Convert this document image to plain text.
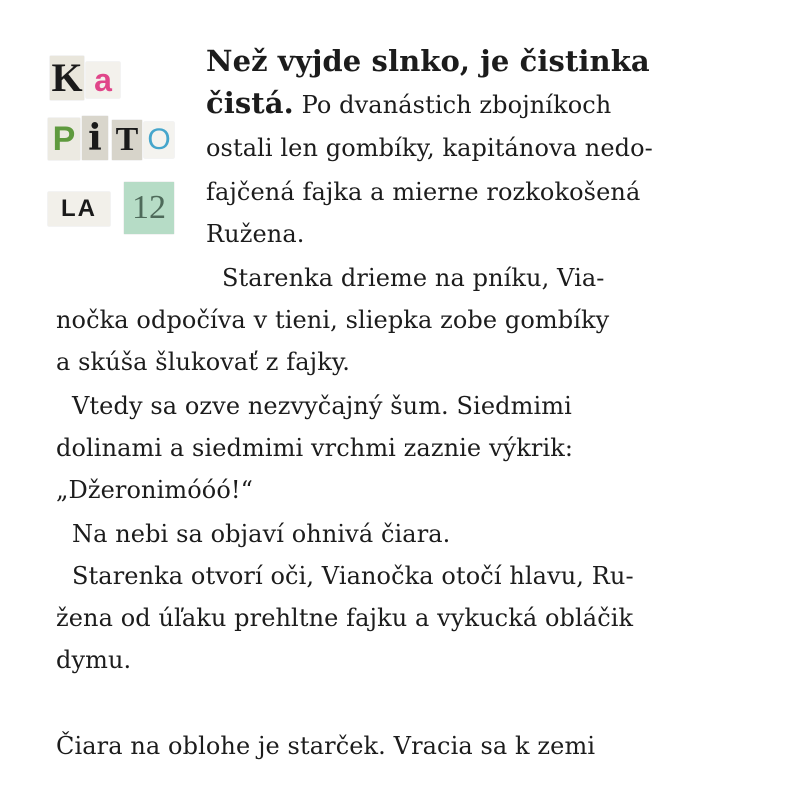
K a
P i T O
LA	12
Než vyjde slnko, je čistinka
čistá. Po dvanástich zbojníkoch
ostali len gombíky, kapitánova nedo-
fajčená fajka a mierne rozkokošená
Ružena.
Starenka drieme na pníku, Via-
nočka odpočíva v tieni, sliepka zobe gombíky
a skúša šlukovať z fajky.
Vtedy sa ozve nezvyčajný šum. Siedmimi
dolinami a siedmimi vrchmi zaznie výkrik:
„Džeronimóóó!“
Na nebi sa objaví ohnivá čiara.
Starenka otvorí oči, Vianočka otočí hlavu, Ru-
žena od úľaku prehltne fajku a vykucká obláčik
dymu.
Čiara na oblohe je starček. Vracia sa k zemi
